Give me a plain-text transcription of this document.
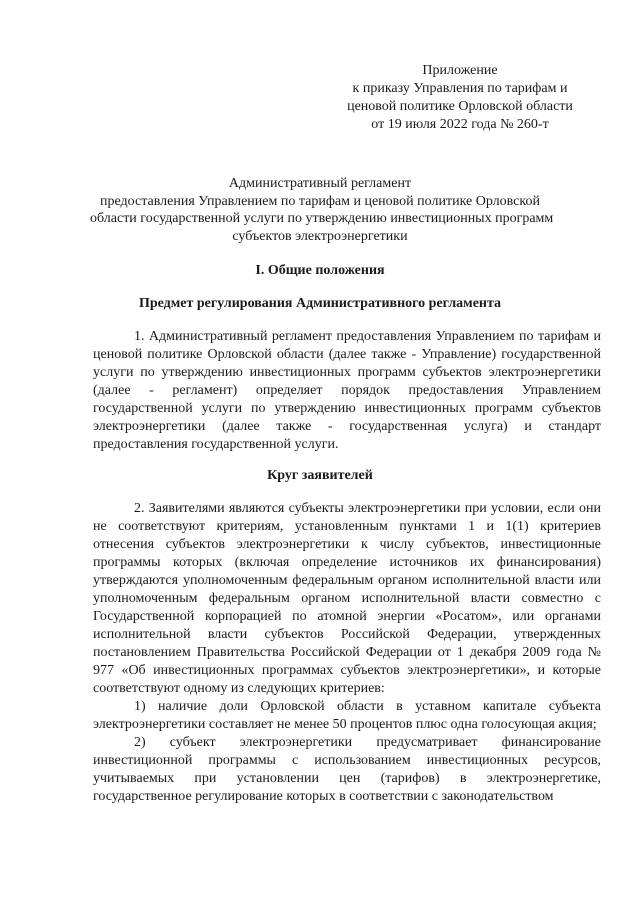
Приложение
к приказу Управления по тарифам и
ценовой политике Орловской области
от 19 июля 2022 года № 260-т
Административный регламент
предоставления Управлением по тарифам и ценовой политике Орловской
области государственной услуги по утверждению инвестиционных программ
субъектов электроэнергетики
I. Общие положения
Предмет регулирования Административного регламента

1. Административный регламент предоставления Управлением по тарифам и ценовой политике Орловской области (далее также - Управление) государственной услуги по утверждению инвестиционных программ субъектов электроэнергетики (далее - регламент) определяет порядок предоставления Управлением государственной услуги по утверждению инвестиционных программ субъектов электроэнергетики (далее также - государственная услуга) и стандарт предоставления государственной услуги.

Круг заявителей

2. Заявителями являются субъекты электроэнергетики при условии, если они не соответствуют критериям, установленным пунктами 1 и 1(1) критериев отнесения субъектов электроэнергетики к числу субъектов, инвестиционные программы которых (включая определение источников их финансирования) утверждаются уполномоченным федеральным органом исполнительной власти или уполномоченным федеральным органом исполнительной власти совместно с Государственной корпорацией по атомной энергии «Росатом», или органами исполнительной власти субъектов Российской Федерации, утвержденных постановлением Правительства Российской Федерации от 1 декабря 2009 года № 977 «Об инвестиционных программах субъектов электроэнергетики», и которые соответствуют одному из следующих критериев:

1) наличие доли Орловской области в уставном капитале субъекта электроэнергетики составляет не менее 50 процентов плюс одна голосующая акция;

2) субъект электроэнергетики предусматривает финансирование инвестиционной программы с использованием инвестиционных ресурсов, учитываемых при установлении цен (тарифов) в электроэнергетике, государственное регулирование которых в соответствии с законодательством
